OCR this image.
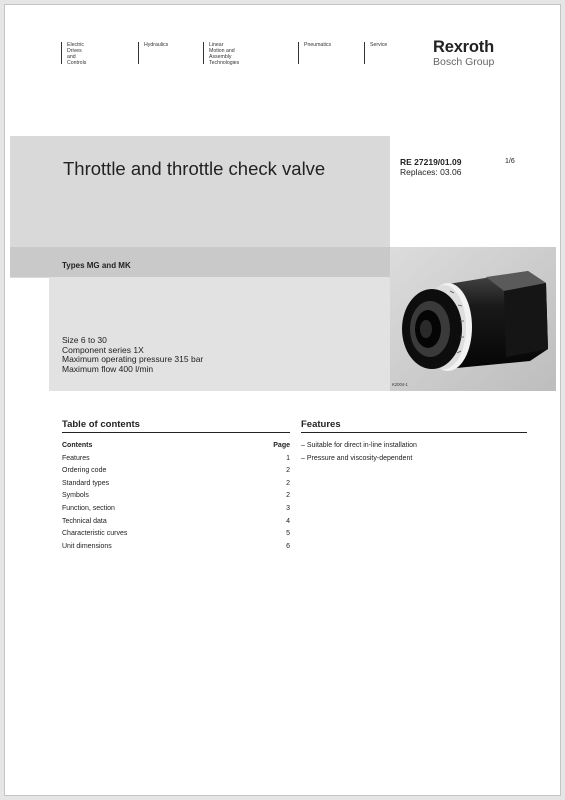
Electric Drives
and Controls
Hydraulics	Linear Motion and
Assembly Technologies
Pneumatics	Service	Rexroth
Bosch Group
Throttle and throttle check valve	RE 27219/01.09
Replaces: 03.06
1/6
Types MG and MK
Size 6 to 30
Component series 1X
Maximum operating pressure 315 bar
Maximum flow 400 l/min
K2004-1
Table of contents	Features
Contents	Page
Features	1
Ordering code	2
Standard types	2
Symbols	2
Function, section	3
Technical data	4
Characteristic curves	5
Unit dimensions	6
– Suitable for direct in-line installation
– Pressure and viscosity-dependent
